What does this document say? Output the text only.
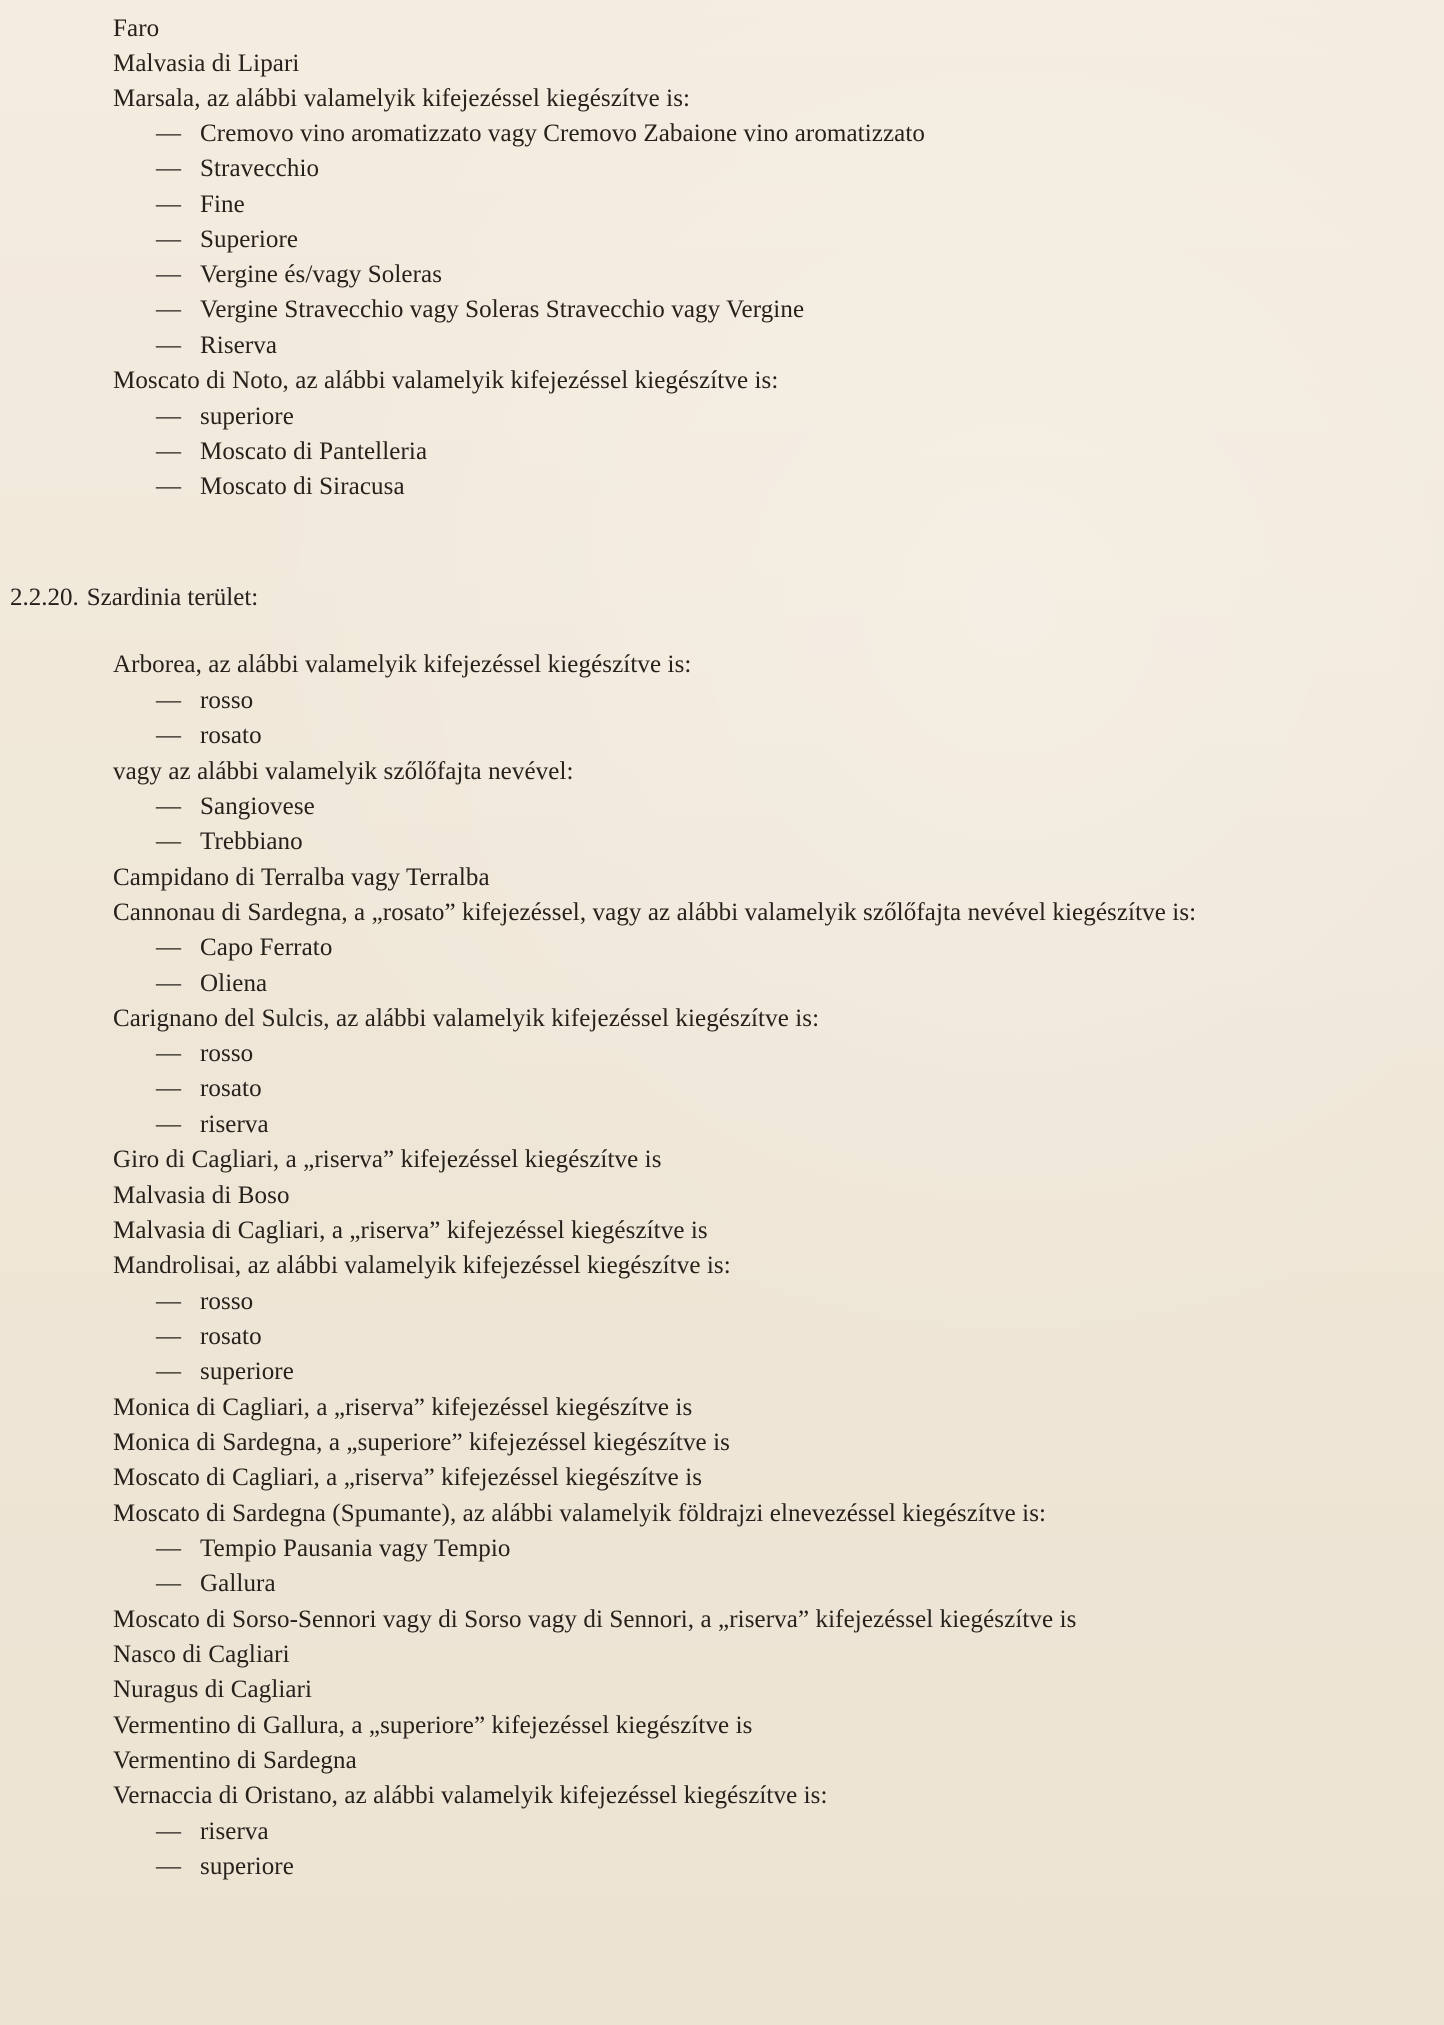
Faro
Malvasia di Lipari
Marsala, az alábbi valamelyik kifejezéssel kiegészítve is:
— Cremovo vino aromatizzato vagy Cremovo Zabaione vino aromatizzato
— Stravecchio
— Fine
— Superiore
— Vergine és/vagy Soleras
— Vergine Stravecchio vagy Soleras Stravecchio vagy Vergine
— Riserva
Moscato di Noto, az alábbi valamelyik kifejezéssel kiegészítve is:
— superiore
— Moscato di Pantelleria
— Moscato di Siracusa
2.2.20. Szardinia terület:
Arborea, az alábbi valamelyik kifejezéssel kiegészítve is:
— rosso
— rosato
vagy az alábbi valamelyik szőlőfajta nevével:
— Sangiovese
— Trebbiano
Campidano di Terralba vagy Terralba
Cannonau di Sardegna, a „rosato” kifejezéssel, vagy az alábbi valamelyik szőlőfajta nevével kiegészítve is:
— Capo Ferrato
— Oliena
Carignano del Sulcis, az alábbi valamelyik kifejezéssel kiegészítve is:
— rosso
— rosato
— riserva
Giro di Cagliari, a „riserva” kifejezéssel kiegészítve is
Malvasia di Boso
Malvasia di Cagliari, a „riserva” kifejezéssel kiegészítve is
Mandrolisai, az alábbi valamelyik kifejezéssel kiegészítve is:
— rosso
— rosato
— superiore
Monica di Cagliari, a „riserva” kifejezéssel kiegészítve is
Monica di Sardegna, a „superiore” kifejezéssel kiegészítve is
Moscato di Cagliari, a „riserva” kifejezéssel kiegészítve is
Moscato di Sardegna (Spumante), az alábbi valamelyik földrajzi elnevezéssel kiegészítve is:
— Tempio Pausania vagy Tempio
— Gallura
Moscato di Sorso-Sennori vagy di Sorso vagy di Sennori, a „riserva” kifejezéssel kiegészítve is
Nasco di Cagliari
Nuragus di Cagliari
Vermentino di Gallura, a „superiore” kifejezéssel kiegészítve is
Vermentino di Sardegna
Vernaccia di Oristano, az alábbi valamelyik kifejezéssel kiegészítve is:
— riserva
— superiore
